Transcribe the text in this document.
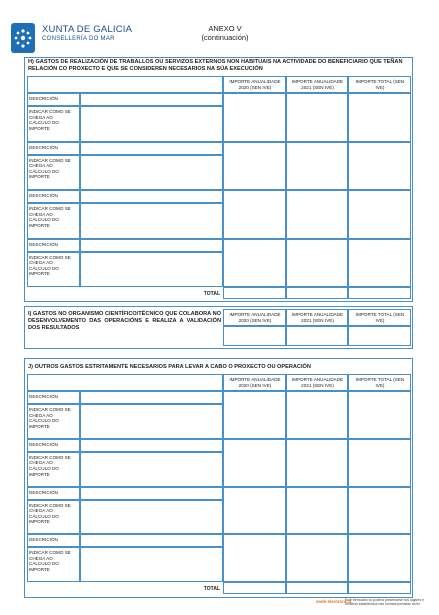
XUNTA DE GALICIA
CONSELLERÍA DO MAR
ANEXO V
(continuación)
H) GASTOS DE REALIZACIÓN DE TRABALLOS OU SERVIZOS EXTERNOS NON HABITUAIS NA ACTIVIDADE DO BENEFICIARIO QUE TEÑAN RELACIÓN CO PROXECTO E QUE SE CONSIDEREN NECESARIOS NA SÚA EXECUCIÓN
IMPORTE ANUALIDADE 2020 (SEN IVE)
IMPORTE ANUALIDADE 2021 (SEN IVE)
IMPORTE TOTAL (SEN IVE)
DESCRICIÓN
INDICAR COMO SE CHEGA AO CÁLCULO DO IMPORTE
DESCRICIÓN
INDICAR COMO SE CHEGA AO CÁLCULO DO IMPORTE
DESCRICIÓN
INDICAR COMO SE CHEGA AO CÁLCULO DO IMPORTE
DESCRICIÓN
INDICAR COMO SE CHEGA AO CÁLCULO DO IMPORTE
TOTAL
I) GASTOS NO ORGANISMO CIENTÍFICO/TÉCNICO QUE COLABORA NO DESENVOLVEMENTO DAS OPERACIÓNS E REALIZA A VALIDACIÓN DOS RESULTADOS
IMPORTE ANUALIDADE 2020 (SEN IVE)
IMPORTE ANUALIDADE 2021 (SEN IVE)
IMPORTE TOTAL (SEN IVE)
J) OUTROS GASTOS ESTRITAMENTE NECESARIOS PARA LEVAR A CABO O PROXECTO OU OPERACIÓN
IMPORTE ANUALIDADE 2020 (SEN IVE)
IMPORTE ANUALIDADE 2021 (SEN IVE)
IMPORTE TOTAL (SEN IVE)
DESCRICIÓN
INDICAR COMO SE CHEGA AO CÁLCULO DO IMPORTE
DESCRICIÓN
INDICAR COMO SE CHEGA AO CÁLCULO DO IMPORTE
DESCRICIÓN
INDICAR COMO SE CHEGA AO CÁLCULO DO IMPORTE
DESCRICIÓN
INDICAR COMO SE CHEGA AO CÁLCULO DO IMPORTE
TOTAL
sede electrónica
Este formulario só poderá presentarse nos lugares e rexistros establecidos nas normas previstas na lei
